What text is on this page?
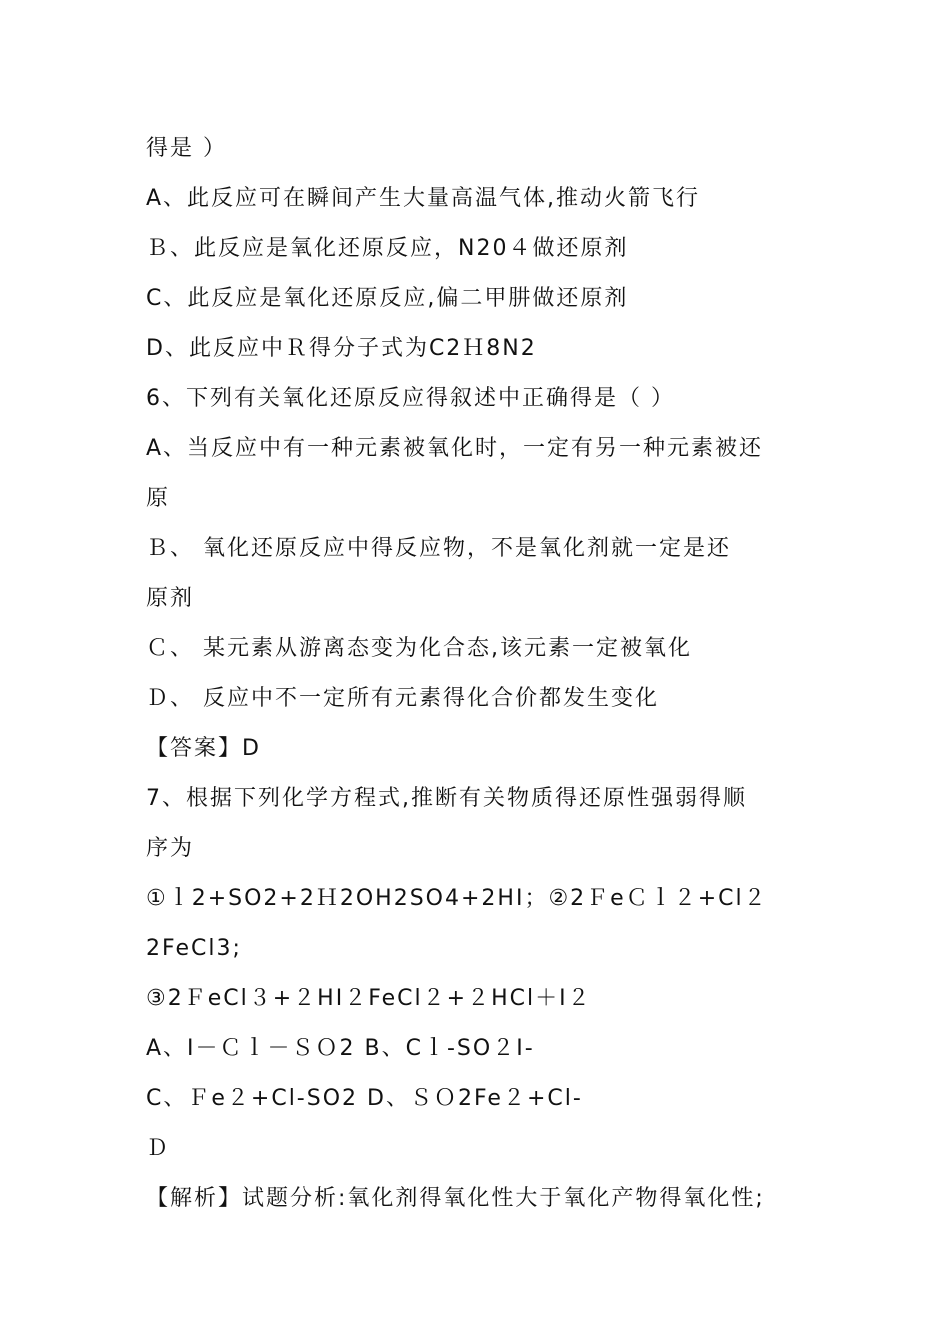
得是 ）
A、此反应可在瞬间产生大量高温气体,推动火箭飞行
Ｂ、此反应是氧化还原反应，N20４做还原剂
C、此反应是氧化还原反应,偏二甲肼做还原剂
D、此反应中Ｒ得分子式为C2Ｈ8N2
6、下列有关氧化还原反应得叙述中正确得是（ ）
A、当反应中有一种元素被氧化时，一定有另一种元素被还
原
Ｂ、 氧化还原反应中得反应物，不是氧化剂就一定是还
原剂
Ｃ、 某元素从游离态变为化合态,该元素一定被氧化
Ｄ、 反应中不一定所有元素得化合价都发生变化
【答案】D
7、根据下列化学方程式,推断有关物质得还原性强弱得顺
序为
①ｌ2+SO2+2Ｈ2OH2SO4+2HI；②2ＦeＣｌ２+Cl２
2FeCl3;
③2ＦeCl３+２HI２FeCl２+２HCl＋I２
A、I－Ｃｌ－ＳＯ2 B、Cｌ-SO２I-
C、Ｆe２+Cl-SO2 D、ＳＯ2Fe２+Cl-
Ｄ
【解析】试题分析:氧化剂得氧化性大于氧化产物得氧化性;
